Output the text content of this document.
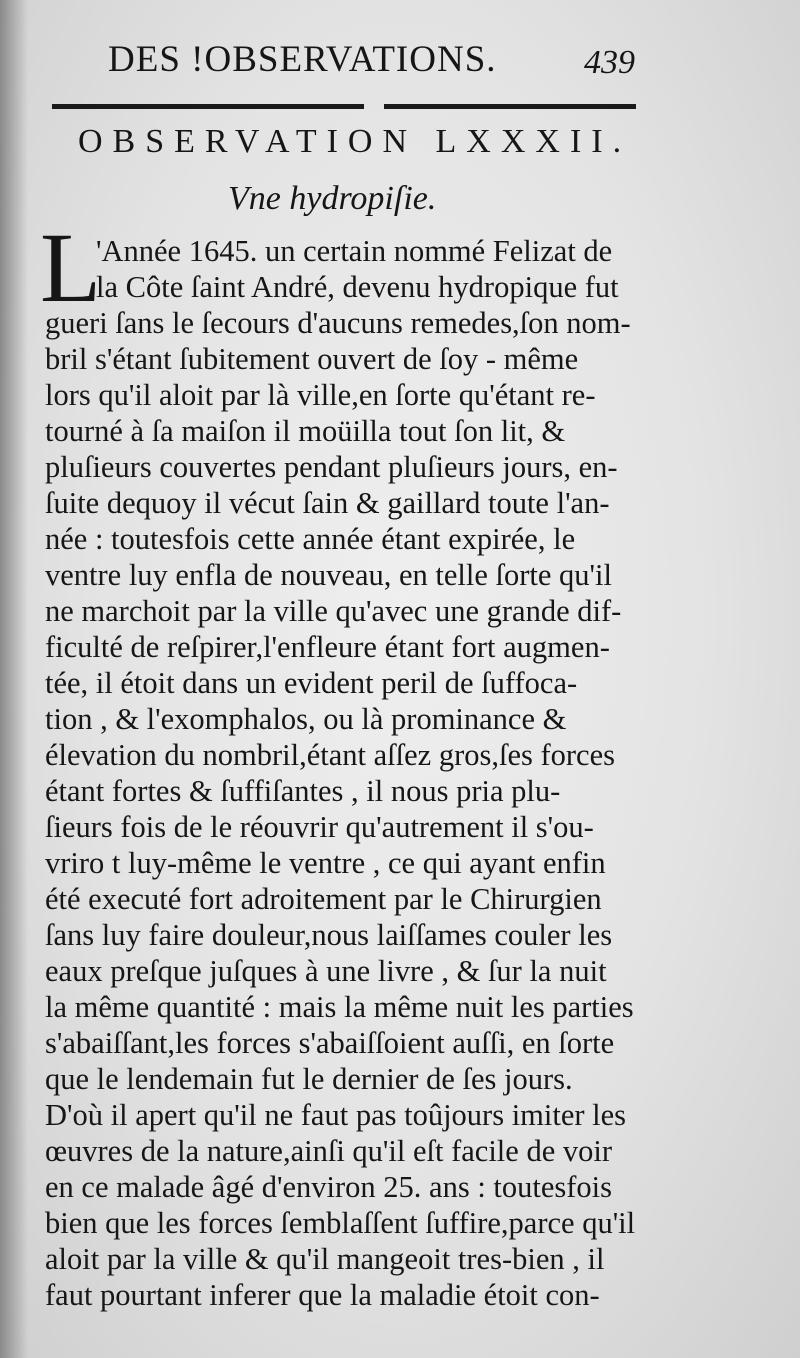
DES !OBSERVATIONS.	439
OBSERVATION LXXXII.
Vne hydropiſie.
L
'Année 1645. un certain nommé Felizat de
la Côte ſaint André, devenu hydropique fut
gueri ſans le ſecours d'aucuns remedes,ſon nom-
bril s'étant ſubitement ouvert de ſoy - même
lors qu'il aloit par là ville,en ſorte qu'étant re-
tourné à ſa maiſon il moüilla tout ſon lit, &
pluſieurs couvertes pendant pluſieurs jours, en-
ſuite dequoy il vécut ſain & gaillard toute l'an-
née : toutesfois cette année étant expirée, le
ventre luy enfla de nouveau, en telle ſorte qu'il
ne marchoit par la ville qu'avec une grande dif-
ficulté de reſpirer,l'enfleure étant fort augmen-
tée, il étoit dans un evident peril de ſuffoca-
tion , & l'exomphalos, ou là prominance &
élevation du nombril,étant aſſez gros,ſes forces
étant fortes & ſuffiſantes , il nous pria plu-
ſieurs fois de le réouvrir qu'autrement il s'ou-
vriro t luy-même le ventre , ce qui ayant enfin
été executé fort adroitement par le Chirurgien
ſans luy faire douleur,nous laiſſames couler les
eaux preſque juſques à une livre , & ſur la nuit
la même quantité : mais la même nuit les parties
s'abaiſſant,les forces s'abaiſſoient auſſi, en ſorte
que le lendemain fut le dernier de ſes jours.
D'où il apert qu'il ne faut pas toûjours imiter les
œuvres de la nature,ainſi qu'il eſt facile de voir
en ce malade âgé d'environ 25. ans : toutesfois
bien que les forces ſemblaſſent ſuffire,parce qu'il
aloit par la ville & qu'il mangeoit tres-bien , il
faut pourtant inferer que la maladie étoit con-
